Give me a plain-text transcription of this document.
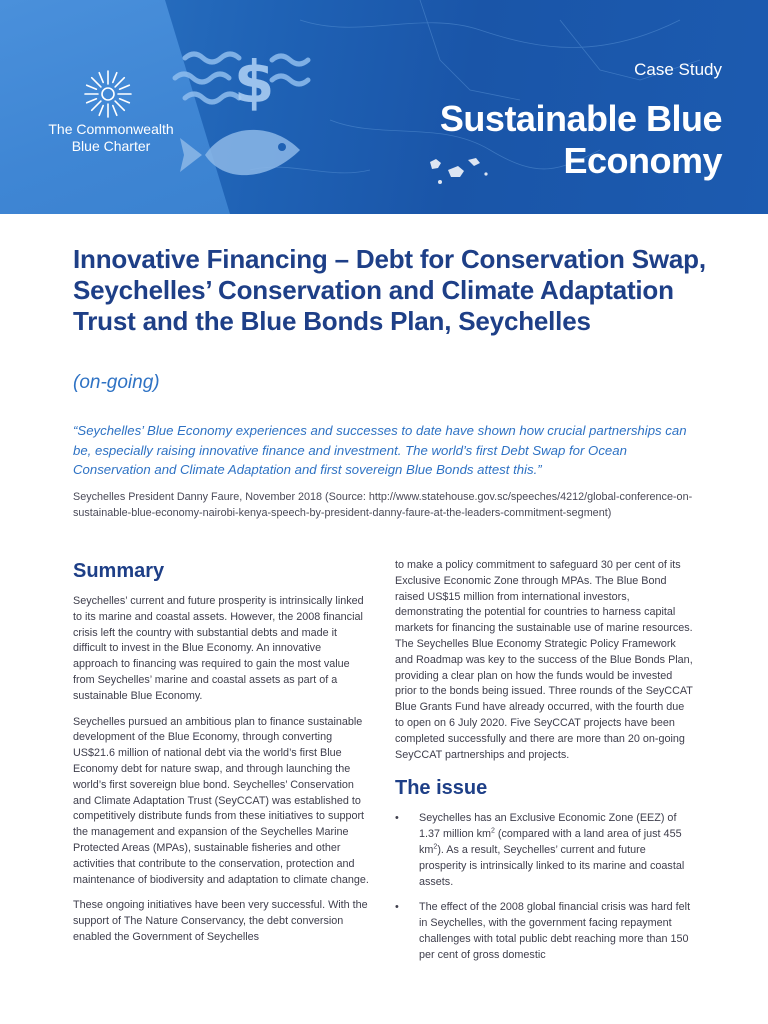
$
The Commonwealth Blue Charter
Case Study
Sustainable Blue Economy
Innovative Financing – Debt for Conservation Swap, Seychelles’ Conservation and Climate Adaptation Trust and the Blue Bonds Plan, Seychelles
(on-going)

“Seychelles’ Blue Economy experiences and successes to date have shown how crucial partnerships can be, especially raising innovative finance and investment. The world’s first Debt Swap for Ocean Conservation and Climate Adaptation and first sovereign Blue Bonds attest this.”

Seychelles President Danny Faure, November 2018 (Source: http://www.statehouse.gov.sc/speeches/4212/global-conference-on-sustainable-blue-economy-nairobi-kenya-speech-by-president-danny-faure-at-the-leaders-commitment-segment)

Summary

Seychelles’ current and future prosperity is intrinsically linked to its marine and coastal assets. However, the 2008 financial crisis left the country with substantial debts and made it difficult to invest in the Blue Economy. An innovative approach to financing was required to gain the most value from Seychelles’ marine and coastal assets as part of a sustainable Blue Economy.

Seychelles pursued an ambitious plan to finance sustainable development of the Blue Economy, through converting US$21.6 million of national debt via the world’s first Blue Economy debt for nature swap, and through launching the world’s first sovereign blue bond. Seychelles’ Conservation and Climate Adaptation Trust (SeyCCAT) was established to competitively distribute funds from these initiatives to support the management and expansion of the Seychelles Marine Protected Areas (MPAs), sustainable fisheries and other activities that contribute to the conservation, protection and maintenance of biodiversity and adaptation to climate change.

These ongoing initiatives have been very successful. With the support of The Nature Conservancy, the debt conversion enabled the Government of Seychelles

to make a policy commitment to safeguard 30 per cent of its Exclusive Economic Zone through MPAs. The Blue Bond raised US$15 million from international investors, demonstrating the potential for countries to harness capital markets for financing the sustainable use of marine resources. The Seychelles Blue Economy Strategic Policy Framework and Roadmap was key to the success of the Blue Bonds Plan, providing a clear plan on how the funds would be invested prior to the bonds being issued. Three rounds of the SeyCCAT Blue Grants Fund have already occurred, with the fourth due to open on 6 July 2020. Five SeyCCAT projects have been completed successfully and there are more than 20 on-going SeyCCAT partnerships and projects.

The issue
• Seychelles has an Exclusive Economic Zone (EEZ) of 1.37 million $km^2$ (compared with a land area of just 455 $km^2$). As a result, Seychelles’ current and future prosperity is intrinsically linked to its marine and coastal assets.
• The effect of the 2008 global financial crisis was hard felt in Seychelles, with the government facing repayment challenges with total public debt reaching more than 150 per cent of gross domestic
